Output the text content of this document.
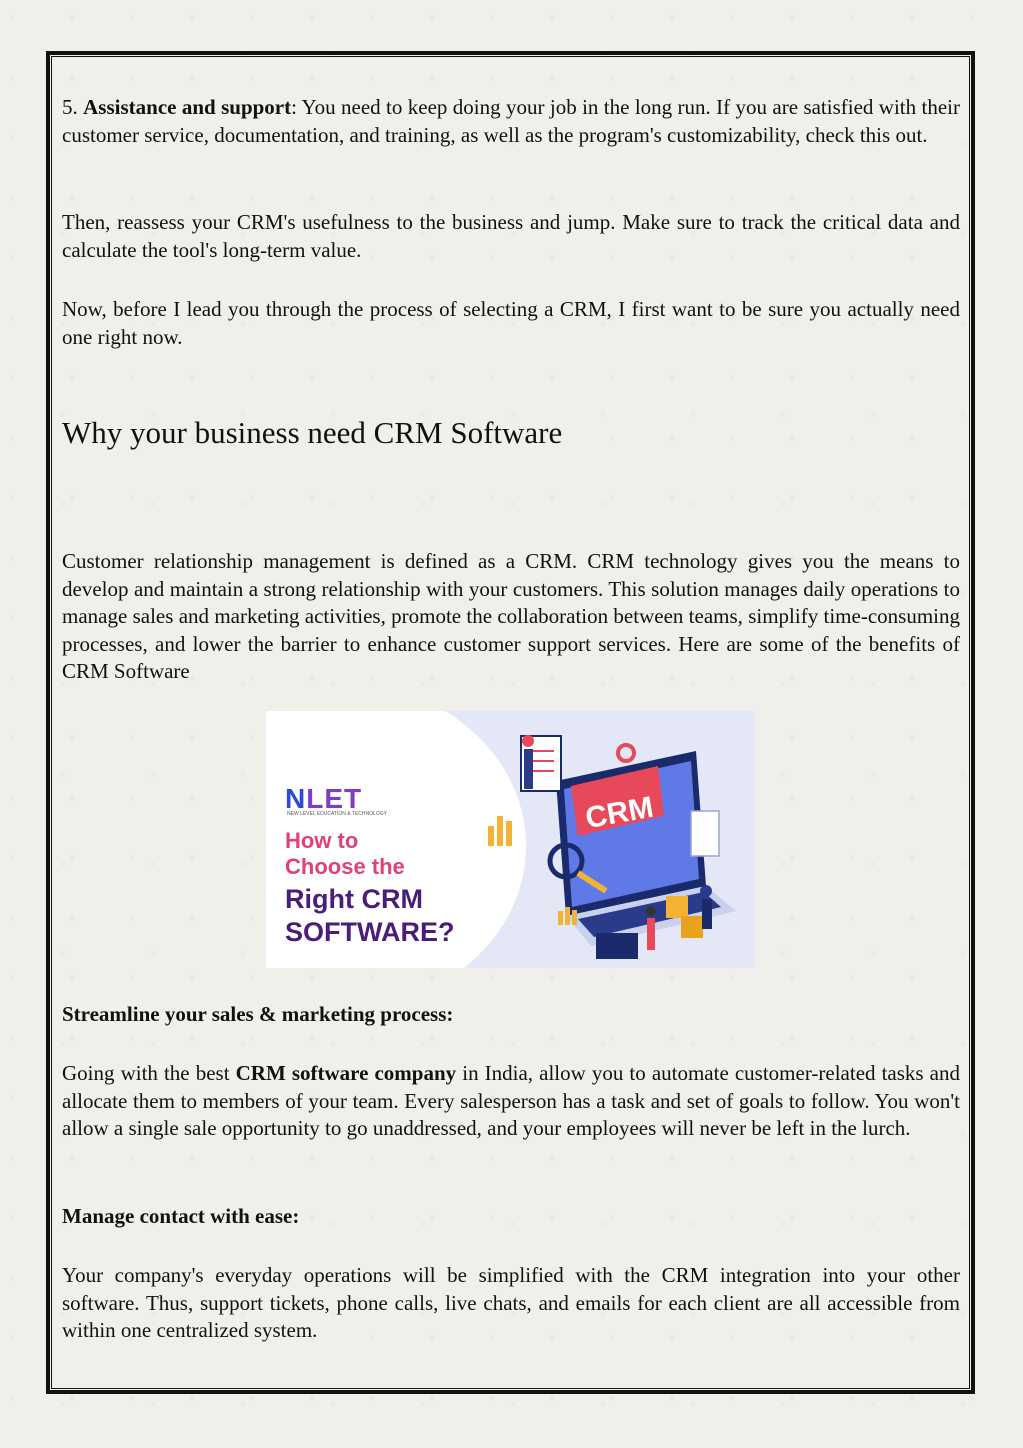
5. Assistance and support: You need to keep doing your job in the long run. If you are satisfied with their customer service, documentation, and training, as well as the program's customizability, check this out.

Then, reassess your CRM's usefulness to the business and jump. Make sure to track the critical data and calculate the tool's long-term value.

Now, before I lead you through the process of selecting a CRM, I first want to be sure you actually need one right now.

Why your business need CRM Software

Customer relationship management is defined as a CRM. CRM technology gives you the means to develop and maintain a strong relationship with your customers. This solution manages daily operations to manage sales and marketing activities, promote the collaboration between teams, simplify time-consuming processes, and lower the barrier to enhance customer support services. Here are some of the benefits of CRM Software

NLET
NEW LEVEL EDUCATION & TECHNOLOGY
How to
Choose the
Right CRM
SOFTWARE?
CRM

Streamline your sales & marketing process:

Going with the best CRM software company in India, allow you to automate customer-related tasks and allocate them to members of your team. Every salesperson has a task and set of goals to follow. You won't allow a single sale opportunity to go unaddressed, and your employees will never be left in the lurch.

Manage contact with ease:

Your company's everyday operations will be simplified with the CRM integration into your other software. Thus, support tickets, phone calls, live chats, and emails for each client are all accessible from within one centralized system.
